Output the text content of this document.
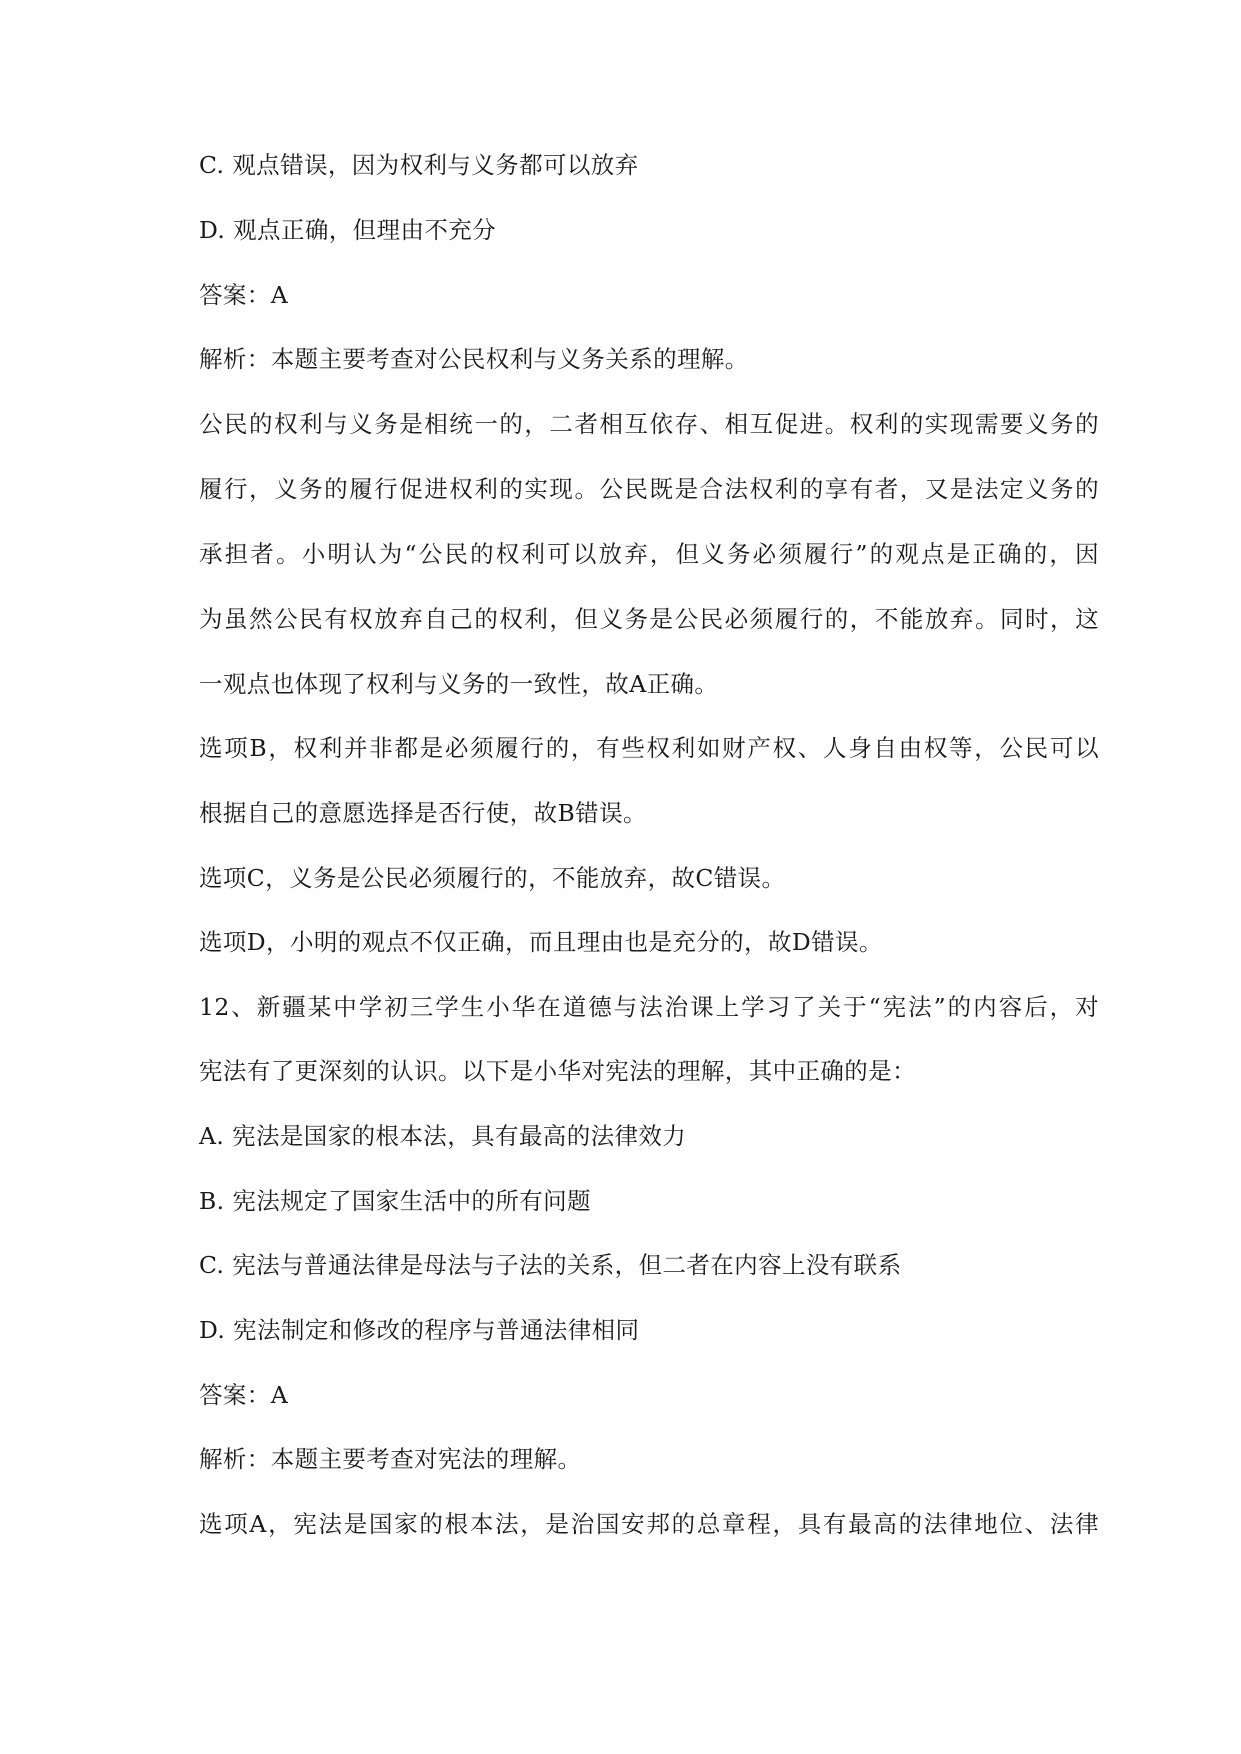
C. 观点错误，因为权利与义务都可以放弃
D. 观点正确，但理由不充分
答案：A
解析：本题主要考查对公民权利与义务关系的理解。
公民的权利与义务是相统一的，二者相互依存、相互促进。权利的实现需要义务的
履行，义务的履行促进权利的实现。公民既是合法权利的享有者，又是法定义务的
承担者。小明认为“公民的权利可以放弃，但义务必须履行”的观点是正确的，因
为虽然公民有权放弃自己的权利，但义务是公民必须履行的，不能放弃。同时，这
一观点也体现了权利与义务的一致性，故A正确。
选项B，权利并非都是必须履行的，有些权利如财产权、人身自由权等，公民可以
根据自己的意愿选择是否行使，故B错误。
选项C，义务是公民必须履行的，不能放弃，故C错误。
选项D，小明的观点不仅正确，而且理由也是充分的，故D错误。
12、新疆某中学初三学生小华在道德与法治课上学习了关于“宪法”的内容后，对
宪法有了更深刻的认识。以下是小华对宪法的理解，其中正确的是：
A. 宪法是国家的根本法，具有最高的法律效力
B. 宪法规定了国家生活中的所有问题
C. 宪法与普通法律是母法与子法的关系，但二者在内容上没有联系
D. 宪法制定和修改的程序与普通法律相同
答案：A
解析：本题主要考查对宪法的理解。
选项A，宪法是国家的根本法，是治国安邦的总章程，具有最高的法律地位、法律
